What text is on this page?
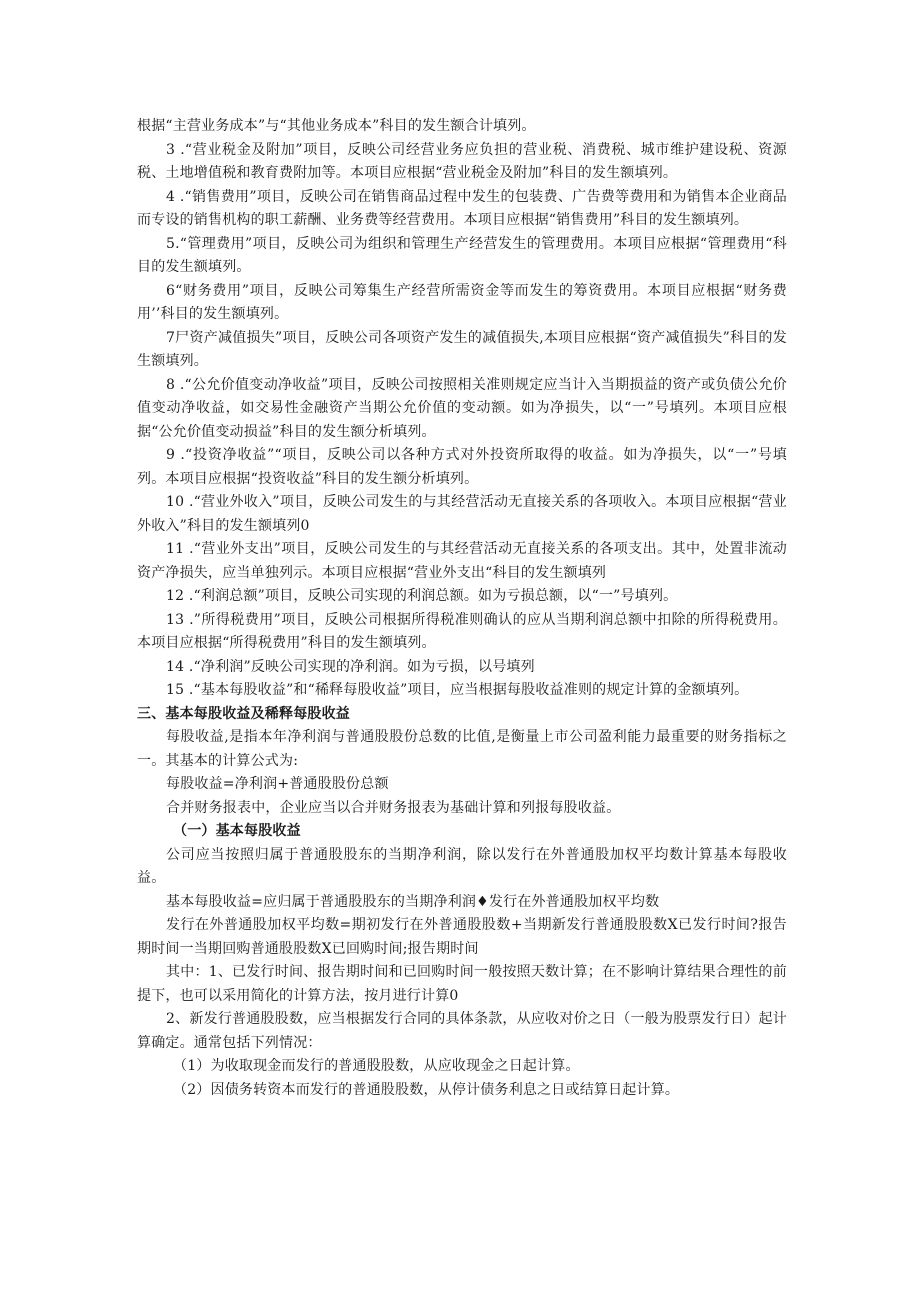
根据“主营业务成本”与“其他业务成本”科目的发生额合计填列。

3 .“营业税金及附加”项目，反映公司经营业务应负担的营业税、消费税、城市维护建设税、资源税、土地增值税和教育费附加等。本项目应根据“营业税金及附加”科目的发生额填列。

4 .“销售费用”项目，反映公司在销售商品过程中发生的包装费、广告费等费用和为销售本企业商品而专设的销售机构的职工薪酬、业务费等经营费用。本项目应根据“销售费用”科目的发生额填列。

5.“管理费用”项目，反映公司为组织和管理生产经营发生的管理费用。本项目应根据“管理费用“科目的发生额填列。

6“财务费用”项目，反映公司筹集生产经营所需资金等而发生的筹资费用。本项目应根据“财务费用’’科目的发生额填列。

7尸资产减值损失”项目，反映公司各项资产发生的减值损失,本项目应根据“资产减值损失”科目的发生额填列。

8 .“公允价值变动净收益”项目，反映公司按照相关准则规定应当计入当期损益的资产或负债公允价值变动净收益，如交易性金融资产当期公允价值的变动额。如为净损失，以“一”号填列。本项目应根据“公允价值变动损益”科目的发生额分析填列。

9 .“投资净收益”“项目，反映公司以各种方式对外投资所取得的收益。如为净损失，以“一”号填列。本项目应根据“投资收益”科目的发生额分析填列。

10 .“营业外收入”项目，反映公司发生的与其经营活动无直接关系的各项收入。本项目应根据“营业外收入”科目的发生额填列0

11 .“营业外支出”项目，反映公司发生的与其经营活动无直接关系的各项支出。其中，处置非流动资产净损失，应当单独列示。本项目应根据“营业外支出“科目的发生额填列

12 .“利润总额”项目，反映公司实现的利润总额。如为亏损总额，以“一”号填列。

13 .”所得税费用”项目，反映公司根据所得税准则确认的应从当期利润总额中扣除的所得税费用。本项目应根据“所得税费用”科目的发生额填列。

14 .“净利润”反映公司实现的净利润。如为亏损，以号填列

15 .“基本每股收益”和“稀释每股收益”项目，应当根据每股收益准则的规定计算的金额填列。

三、基本每股收益及稀释每股收益

每股收益,是指本年净利润与普通股股份总数的比值,是衡量上市公司盈利能力最重要的财务指标之一。其基本的计算公式为:

每股收益=净利润+普通股股份总额

合并财务报表中，企业应当以合并财务报表为基础计算和列报每股收益。

（一）基本每股收益

公司应当按照归属于普通股股东的当期净利润，除以发行在外普通股加权平均数计算基本每股收益。

基本每股收益=应归属于普通股股东的当期净利润♦发行在外普通股加权平均数

发行在外普通股加权平均数=期初发行在外普通股股数+当期新发行普通股股数X已发行时间?报告期时间一当期回购普通股股数X已回购时间;报告期时间

其中：1、已发行时间、报告期时间和已回购时间一般按照天数计算；在不影响计算结果合理性的前提下，也可以采用简化的计算方法，按月进行计算0

2、新发行普通股股数，应当根据发行合同的具体条款，从应收对价之日（一般为股票发行日）起计算确定。通常包括下列情况：

（1）为收取现金而发行的普通股股数，从应收现金之日起计算。

（2）因债务转资本而发行的普通股股数，从停计债务利息之日或结算日起计算。
